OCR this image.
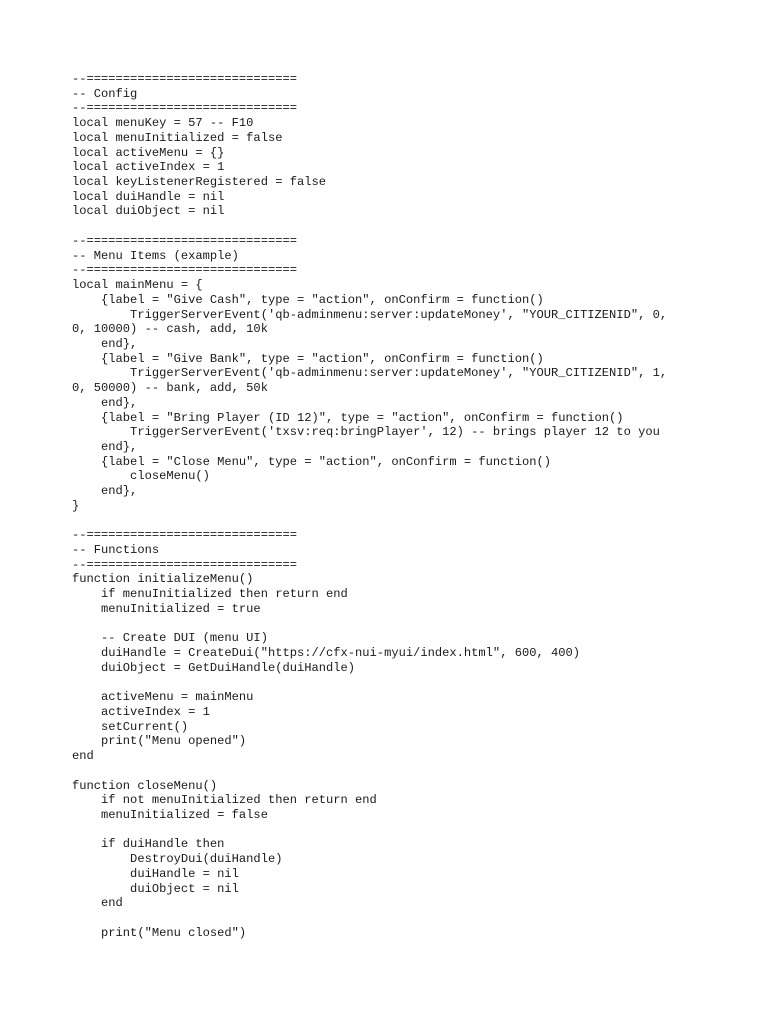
--=============================
-- Config
--=============================
local menuKey = 57 -- F10
local menuInitialized = false
local activeMenu = {}
local activeIndex = 1
local keyListenerRegistered = false
local duiHandle = nil
local duiObject = nil
--=============================
-- Menu Items (example)
--=============================
local mainMenu = {
{label = "Give Cash", type = "action", onConfirm = function()
TriggerServerEvent('qb-adminmenu:server:updateMoney', "YOUR_CITIZENID", 0,
0, 10000) -- cash, add, 10k
end},
{label = "Give Bank", type = "action", onConfirm = function()
TriggerServerEvent('qb-adminmenu:server:updateMoney', "YOUR_CITIZENID", 1,
0, 50000) -- bank, add, 50k
end},
{label = "Bring Player (ID 12)", type = "action", onConfirm = function()
TriggerServerEvent('txsv:req:bringPlayer', 12) -- brings player 12 to you
end},
{label = "Close Menu", type = "action", onConfirm = function()
closeMenu()
end},
}
--=============================
-- Functions
--=============================
function initializeMenu()
if menuInitialized then return end
menuInitialized = true
-- Create DUI (menu UI)
duiHandle = CreateDui("https://cfx-nui-myui/index.html", 600, 400)
duiObject = GetDuiHandle(duiHandle)
activeMenu = mainMenu
activeIndex = 1
setCurrent()
print("Menu opened")
end
function closeMenu()
if not menuInitialized then return end
menuInitialized = false
if duiHandle then
DestroyDui(duiHandle)
duiHandle = nil
duiObject = nil
end
print("Menu closed")
